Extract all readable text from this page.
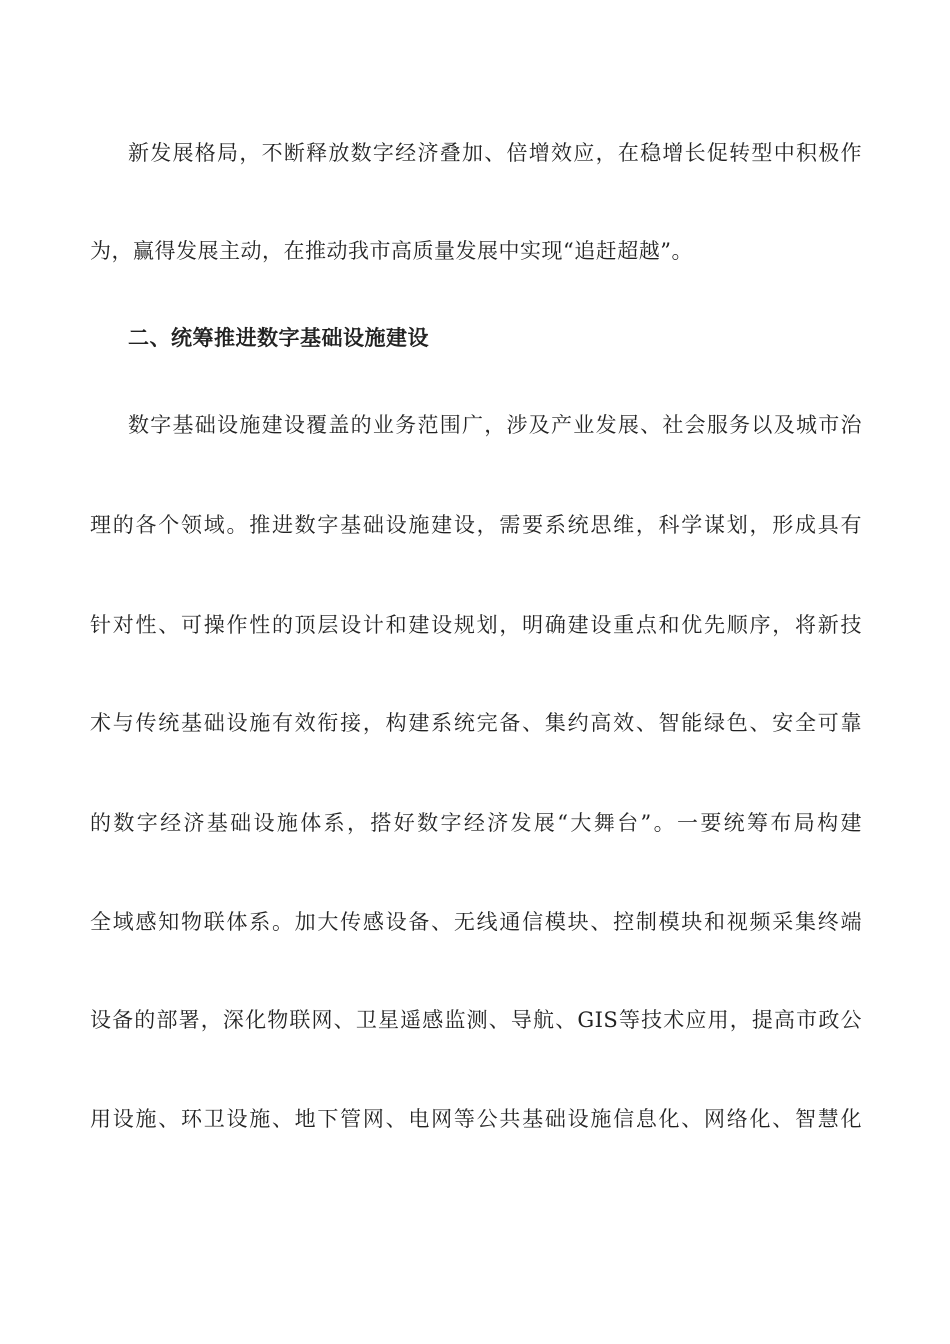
新发展格局，不断释放数字经济叠加、倍增效应，在稳增长促转型中积极作
为，赢得发展主动，在推动我市高质量发展中实现“追赶超越”。
二、统筹推进数字基础设施建设
数字基础设施建设覆盖的业务范围广，涉及产业发展、社会服务以及城市治
理的各个领域。推进数字基础设施建设，需要系统思维，科学谋划，形成具有
针对性、可操作性的顶层设计和建设规划，明确建设重点和优先顺序，将新技
术与传统基础设施有效衔接，构建系统完备、集约高效、智能绿色、安全可靠
的数字经济基础设施体系，搭好数字经济发展“大舞台”。一要统筹布局构建
全域感知物联体系。加大传感设备、无线通信模块、控制模块和视频采集终端
设备的部署，深化物联网、卫星遥感监测、导航、GIS等技术应用，提高市政公
用设施、环卫设施、地下管网、电网等公共基础设施信息化、网络化、智慧化
